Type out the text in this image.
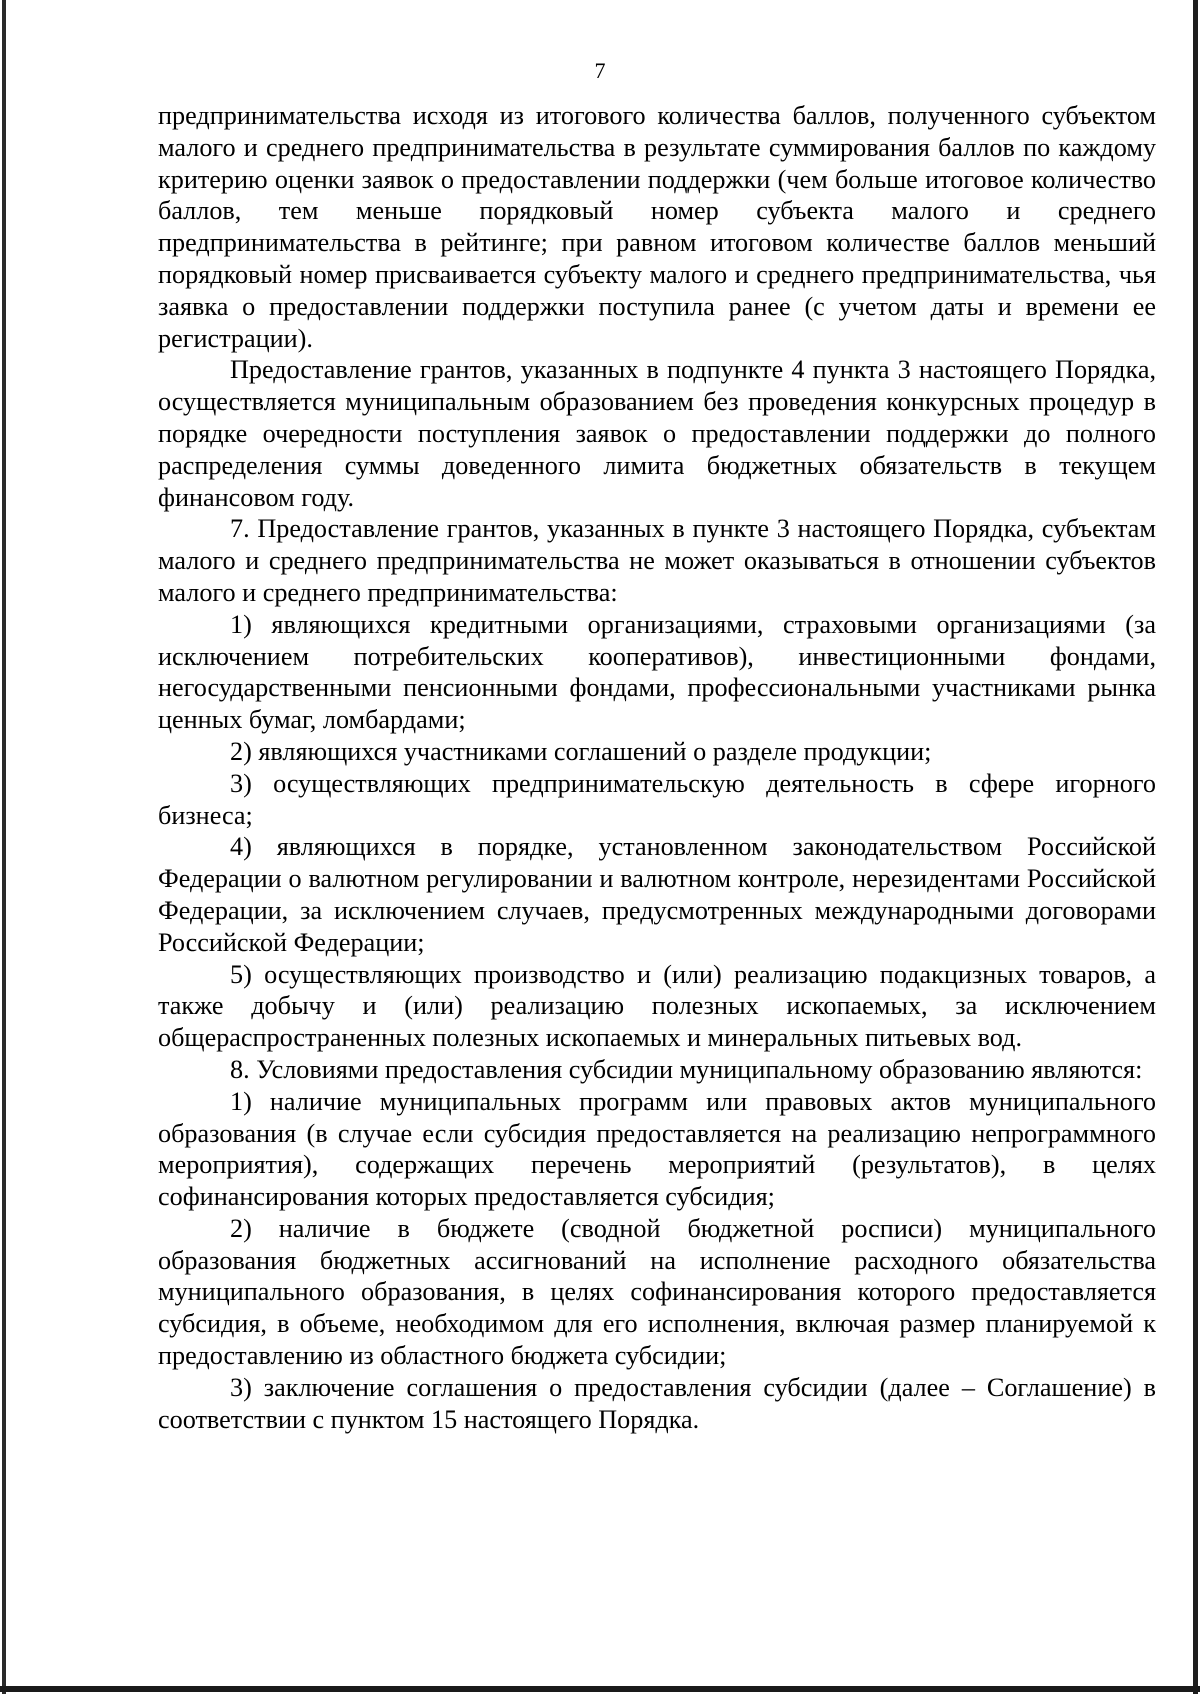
7

предпринимательства исходя из итогового количества баллов, полученного субъектом малого и среднего предпринимательства в результате суммирования баллов по каждому критерию оценки заявок о предоставлении поддержки (чем больше итоговое количество баллов, тем меньше порядковый номер субъекта малого и среднего предпринимательства в рейтинге; при равном итоговом количестве баллов меньший порядковый номер присваивается субъекту малого и среднего предпринимательства, чья заявка о предоставлении поддержки поступила ранее (с учетом даты и времени ее регистрации).

Предоставление грантов, указанных в подпункте 4 пункта 3 настоящего Порядка, осуществляется муниципальным образованием без проведения конкурсных процедур в порядке очередности поступления заявок о предоставлении поддержки до полного распределения суммы доведенного лимита бюджетных обязательств в текущем финансовом году.

7. Предоставление грантов, указанных в пункте 3 настоящего Порядка, субъектам малого и среднего предпринимательства не может оказываться в отношении субъектов малого и среднего предпринимательства:

1) являющихся кредитными организациями, страховыми организациями (за исключением потребительских кооперативов), инвестиционными фондами, негосударственными пенсионными фондами, профессиональными участниками рынка ценных бумаг, ломбардами;

2) являющихся участниками соглашений о разделе продукции;

3) осуществляющих предпринимательскую деятельность в сфере игорного бизнеса;

4) являющихся в порядке, установленном законодательством Российской Федерации о валютном регулировании и валютном контроле, нерезидентами Российской Федерации, за исключением случаев, предусмотренных международными договорами Российской Федерации;

5) осуществляющих производство и (или) реализацию подакцизных товаров, а также добычу и (или) реализацию полезных ископаемых, за исключением общераспространенных полезных ископаемых и минеральных питьевых вод.

8. Условиями предоставления субсидии муниципальному образованию являются:

1) наличие муниципальных программ или правовых актов муниципального образования (в случае если субсидия предоставляется на реализацию непрограммного мероприятия), содержащих перечень мероприятий (результатов), в целях софинансирования которых предоставляется субсидия;

2) наличие в бюджете (сводной бюджетной росписи) муниципального образования бюджетных ассигнований на исполнение расходного обязательства муниципального образования, в целях софинансирования которого предоставляется субсидия, в объеме, необходимом для его исполнения, включая размер планируемой к предоставлению из областного бюджета субсидии;

3) заключение соглашения о предоставления субсидии (далее – Соглашение) в соответствии с пунктом 15 настоящего Порядка.
